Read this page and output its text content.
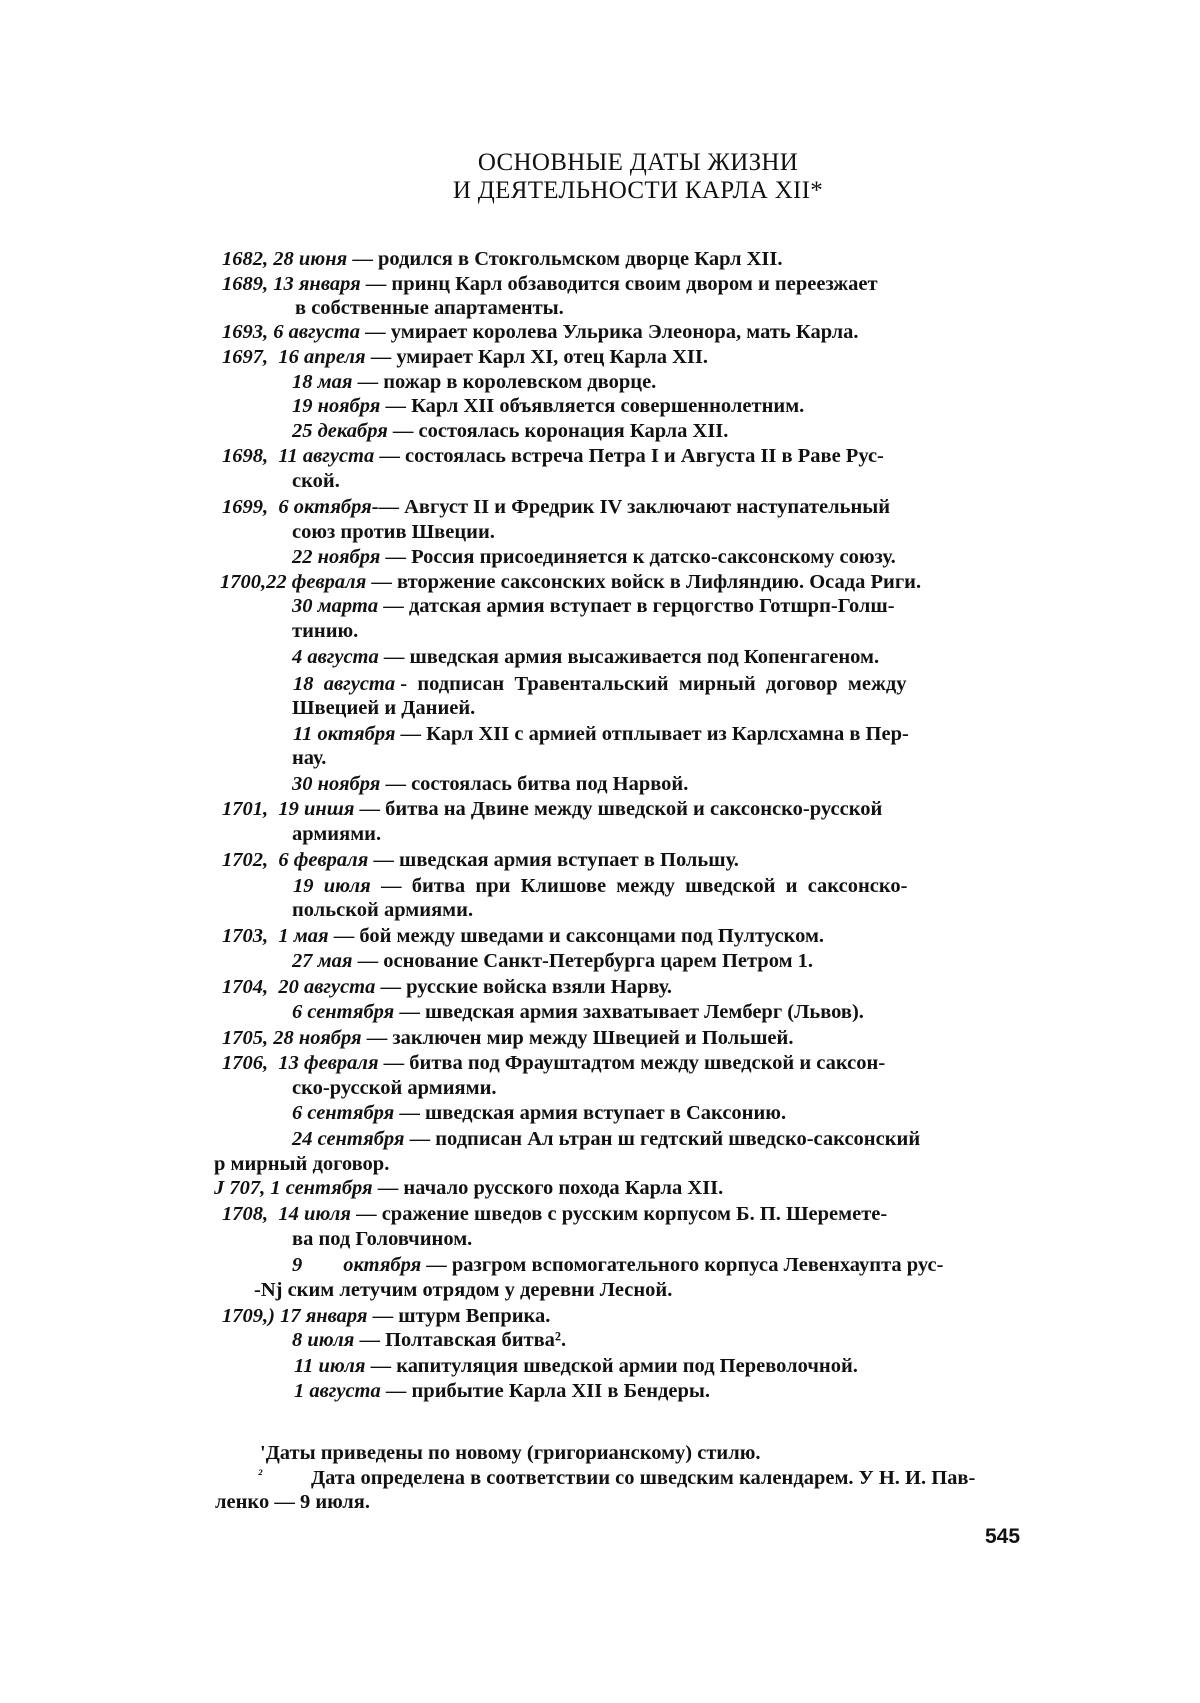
ОСНОВНЫЕ ДАТЫ ЖИЗНИ
И ДЕЯТЕЛЬНОСТИ КАРЛА XII*
1682, 28 июня — родился в Стокгольмском дворце Карл XII.
1689, 13 января — принц Карл обзаводится своим двором и переезжает
в собственные апартаменты.
1693, 6 августа — умирает королева Ульрика Элеонора, мать Карла.
1697,  16 апреля — умирает Карл XI, отец Карла XII.
18 мая — пожар в королевском дворце.
19 ноября — Карл XII объявляется совершеннолетним.
25 декабря — состоялась коронация Карла XII.
1698,  11 августа — состоялась встреча Петра I и Августа II в Раве Рус-
ской.
1699,  6 октября-— Август II и Фредрик IV заключают наступательный
союз против Швеции.
22 ноября — Россия присоединяется к датско-саксонскому союзу.
1700,22 февраля — вторжение саксонских войск в Лифляндию. Осада Риги.
30 марта — датская армия вступает в герцогство Готшрп-Голш-
тинию.
4 августа — шведская армия высаживается под Копенгагеном.
18  августа -  подписан  Травентальский  мирный  договор  между
Швецией и Данией.
11 октября — Карл XII с армией отплывает из Карлсхамна в Пер-
нау.
30 ноября — состоялась битва под Нарвой.
1701,  19 иншя — битва на Двине между шведской и саксонско-русской
армиями.
1702,  6 февраля — шведская армия вступает в Польшу.
19  июля  —  битва  при  Клишове  между  шведской  и  саксонско-
польской армиями.
1703,  1 мая — бой между шведами и саксонцами под Пултуском.
27 мая — основание Санкт-Петербурга царем Петром 1.
1704,  20 августа — русские войска взяли Нарву.
6 сентября — шведская армия захватывает Лемберг (Львов).
1705, 28 ноября — заключен мир между Швецией и Польшей.
1706,  13 февраля — битва под Фрауштадтом между шведской и саксон-
ско-русской армиями.
6 сентября — шведская армия вступает в Саксонию.
24 сентября — подписан Ал ьтран ш гедтский шведско-саксонский
р мирный договор.
J 707, 1 сентября — начало русского похода Карла XII.
1708,  14 июля — сражение шведов с русским корпусом Б. П. Шеремете-
ва под Головчином.
9        октября — разгром вспомогательного корпуса Левенхаупта рус-
-Nj ским летучим отрядом у деревни Лесной.
1709,) 17 января — штурм Веприка.
8 июля — Полтавская битва².
11 июля — капитуляция шведской армии под Переволочной.
1 августа — прибытие Карла XII в Бендеры.
'Даты приведены по новому (григорианскому) стилю.
² Дата определена в соответствии со шведским календарем. У Н. И. Пав-
ленко — 9 июля.
545
